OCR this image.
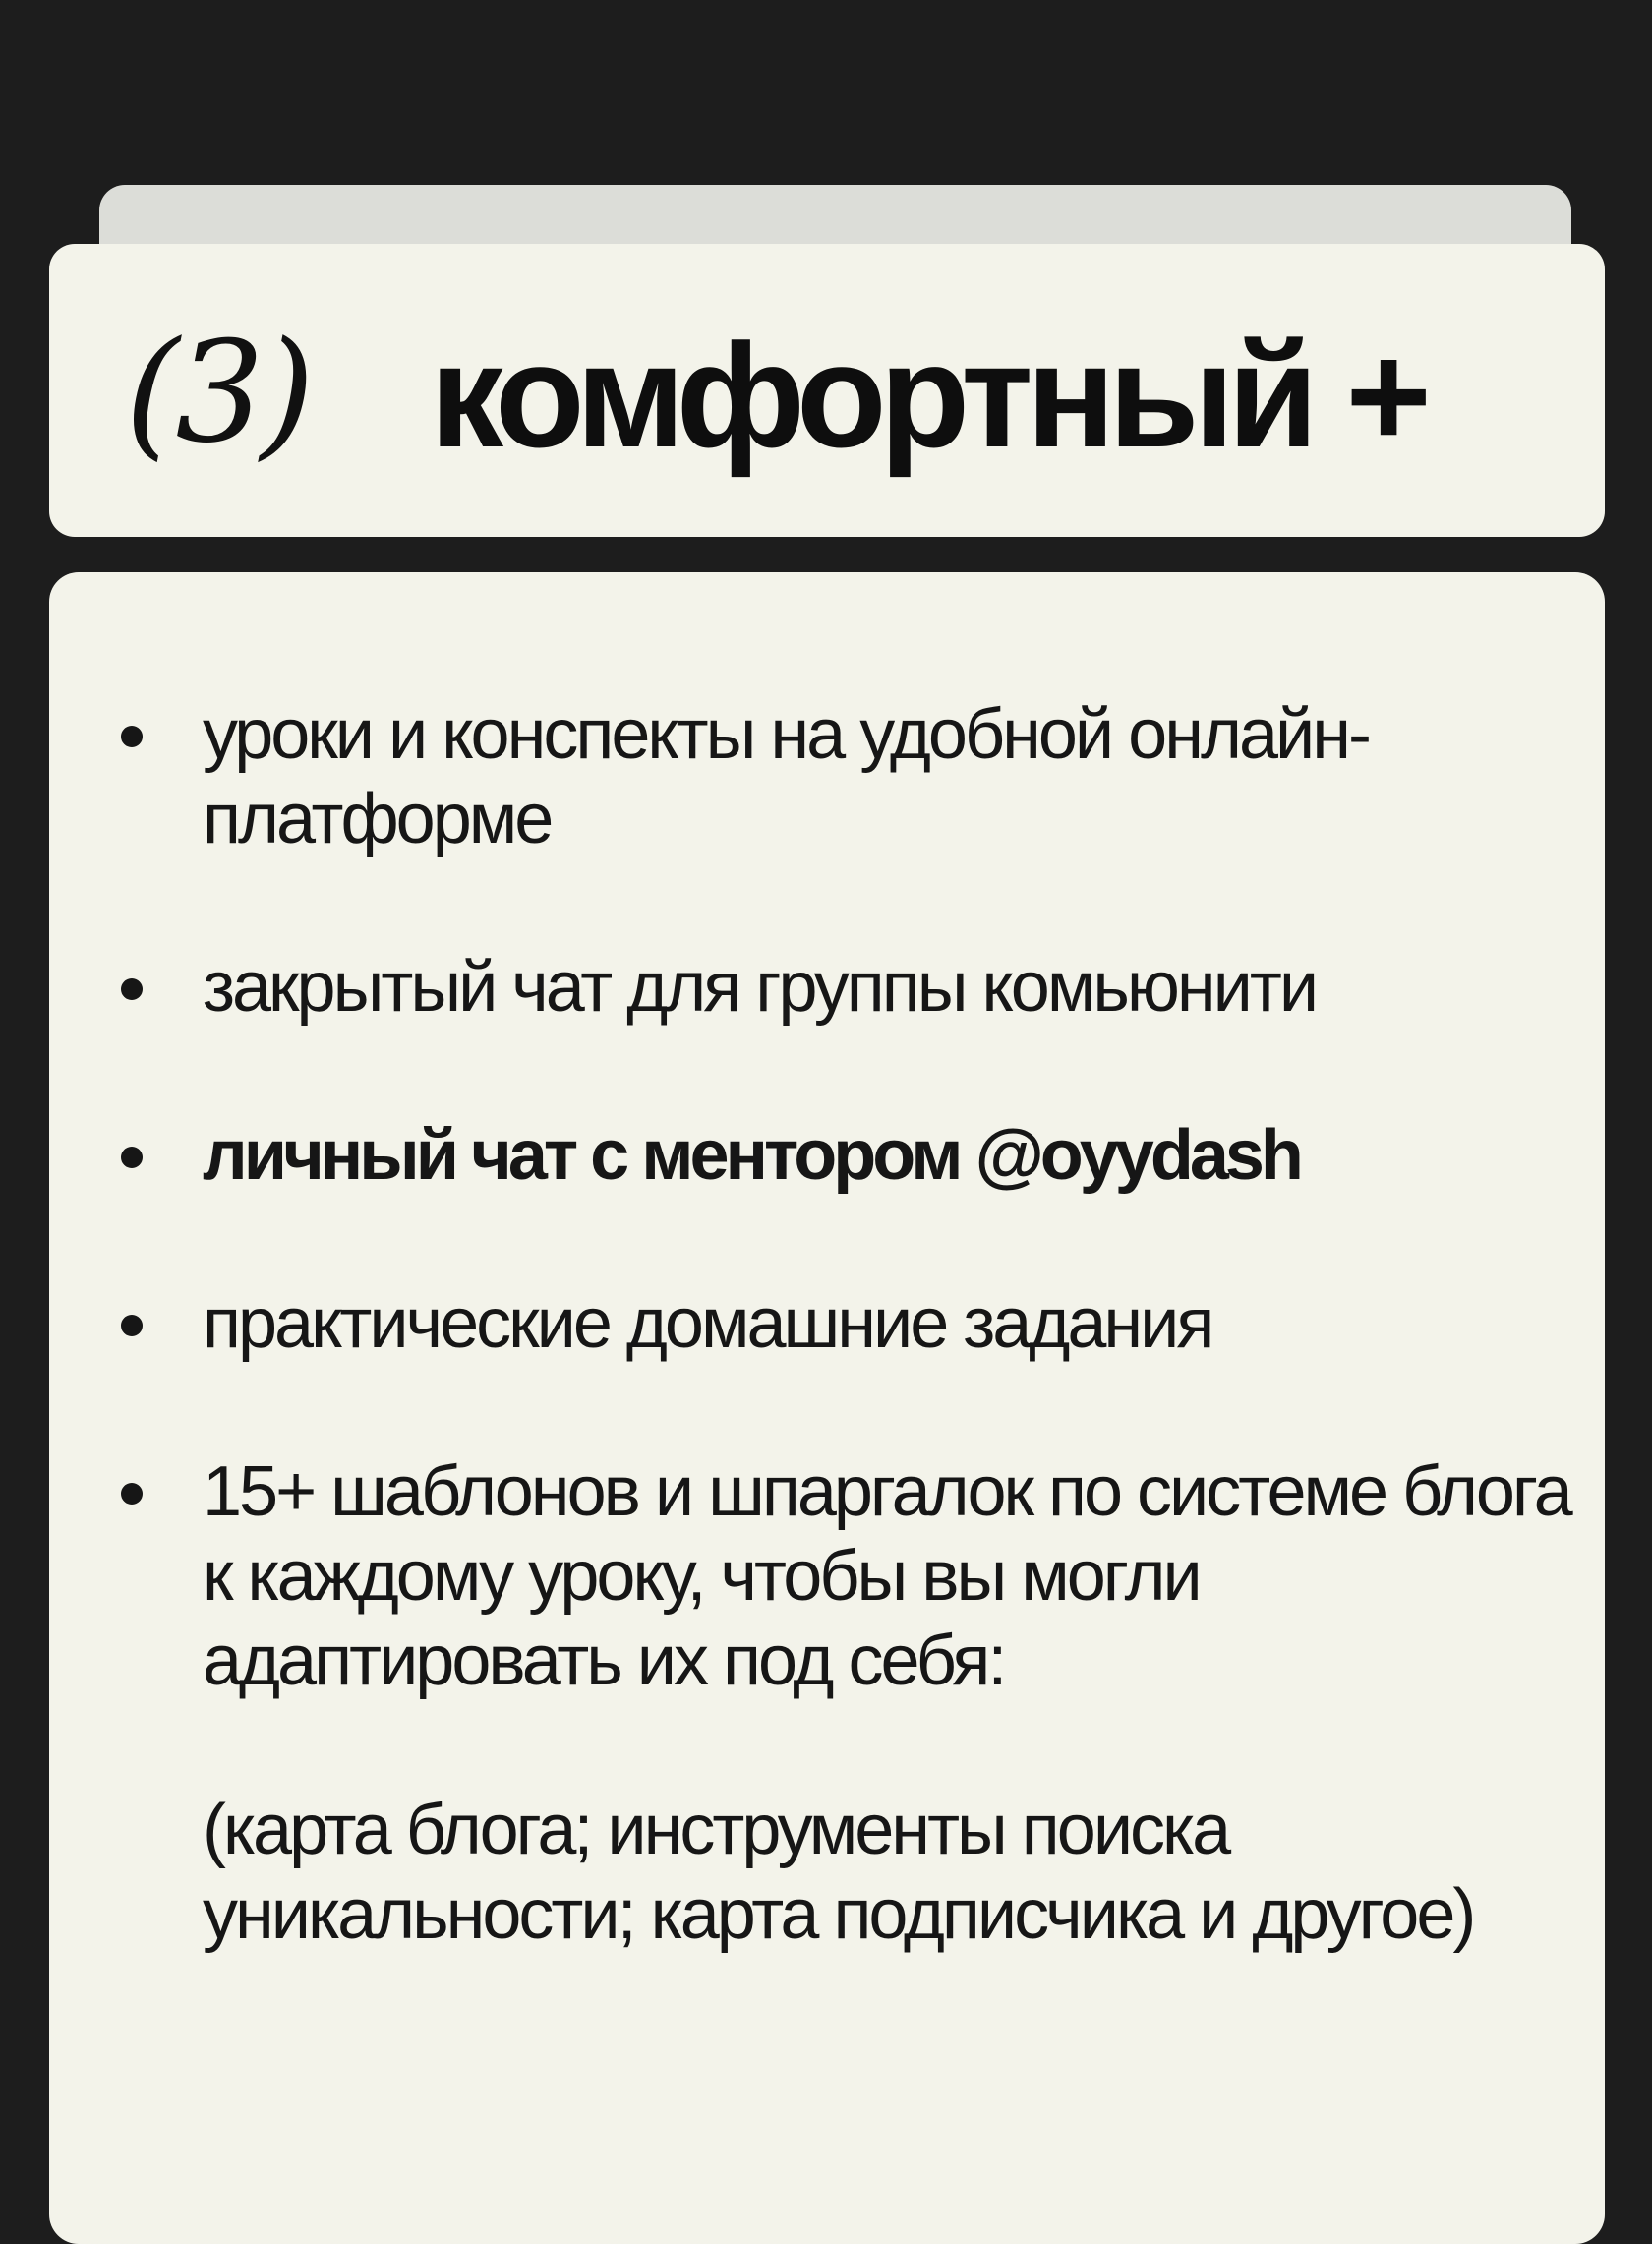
(3) комфортный +
уроки и конспекты на удобной онлайн-платформе
закрытый чат для группы комьюнити
личный чат с ментором @oyydash
практические домашние задания
15+ шаблонов и шпаргалок по системе блога к каждому уроку, чтобы вы могли адаптировать их под себя:
(карта блога; инструменты поиска уникальности; карта подписчика и другое)
